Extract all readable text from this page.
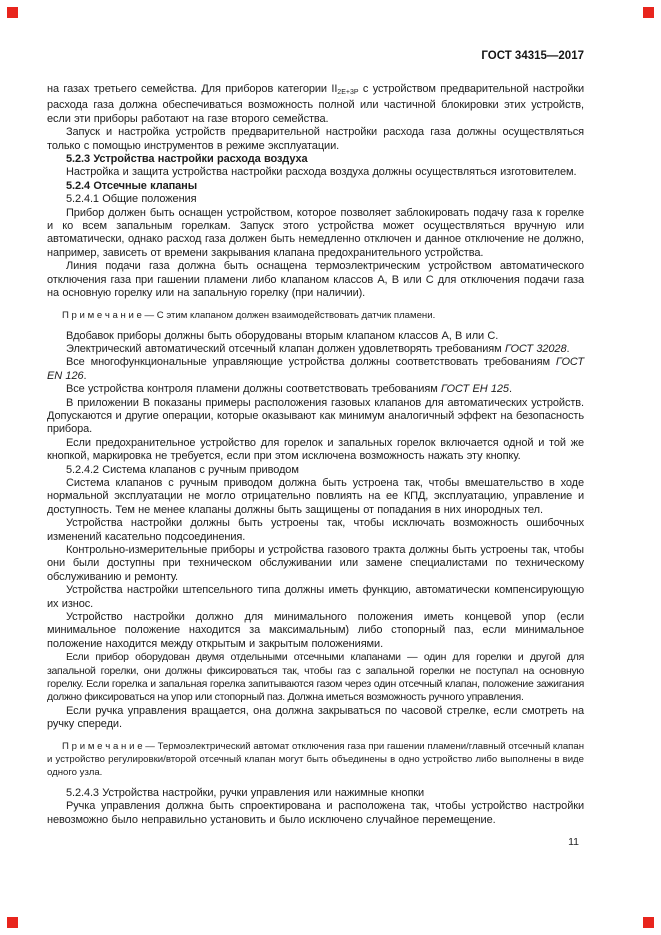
ГОСТ 34315—2017

на газах третьего семейства. Для приборов категории $II_{2E+3P}$ с устройством предварительной настройки расхода газа должна обеспечиваться возможность полной или частичной блокировки этих устройств, если эти приборы работают на газе второго семейства.

Запуск и настройка устройств предварительной настройки расхода газа должны осуществляться только с помощью инструментов в режиме эксплуатации.

5.2.3 Устройства настройки расхода воздуха

Настройка и защита устройства настройки расхода воздуха должны осуществляться изготовителем.

5.2.4 Отсечные клапаны

5.2.4.1 Общие положения

Прибор должен быть оснащен устройством, которое позволяет заблокировать подачу газа к горелке и ко всем запальным горелкам. Запуск этого устройства может осуществляться вручную или автоматически, однако расход газа должен быть немедленно отключен и данное отключение не должно, например, зависеть от времени закрывания клапана предохранительного устройства.

Линия подачи газа должна быть оснащена термоэлектрическим устройством автоматического отключения газа при гашении пламени либо клапаном классов А, В или С для отключения подачи газа на основную горелку или на запальную горелку (при наличии).

П р и м е ч а н и е — С этим клапаном должен взаимодействовать датчик пламени.

Вдобавок приборы должны быть оборудованы вторым клапаном классов А, В или С.

Электрический автоматический отсечный клапан должен удовлетворять требованиям ГОСТ 32028.

Все многофункциональные управляющие устройства должны соответствовать требованиям ГОСТ EN 126.

Все устройства контроля пламени должны соответствовать требованиям ГОСТ ЕН 125.

В приложении В показаны примеры расположения газовых клапанов для автоматических устройств. Допускаются и другие операции, которые оказывают как минимум аналогичный эффект на безопасность прибора.

Если предохранительное устройство для горелок и запальных горелок включается одной и той же кнопкой, маркировка не требуется, если при этом исключена возможность нажать эту кнопку.

5.2.4.2 Система клапанов с ручным приводом

Система клапанов с ручным приводом должна быть устроена так, чтобы вмешательство в ходе нормальной эксплуатации не могло отрицательно повлиять на ее КПД, эксплуатацию, управление и доступность. Тем не менее клапаны должны быть защищены от попадания в них инородных тел.

Устройства настройки должны быть устроены так, чтобы исключать возможность ошибочных изменений касательно подсоединения.

Контрольно-измерительные приборы и устройства газового тракта должны быть устроены так, чтобы они были доступны при техническом обслуживании или замене специалистами по техническому обслуживанию и ремонту.

Устройства настройки штепсельного типа должны иметь функцию, автоматически компенсирующую их износ.

Устройство настройки должно для минимального положения иметь концевой упор (если минимальное положение находится за максимальным) либо стопорный паз, если минимальное положение находится между открытым и закрытым положениями.

Если прибор оборудован двумя отдельными отсечными клапанами — один для горелки и другой для запальной горелки, они должны фиксироваться так, чтобы газ с запальной горелки не поступал на основную горелку. Если горелка и запальная горелка запитываются газом через один отсечный клапан, положение зажигания должно фиксироваться на упор или стопорный паз. Должна иметься возможность ручного управления.

Если ручка управления вращается, она должна закрываться по часовой стрелке, если смотреть на ручку спереди.

П р и м е ч а н и е — Термоэлектрический автомат отключения газа при гашении пламени/главный отсечный клапан и устройство регулировки/второй отсечный клапан могут быть объединены в одно устройство либо выполнены в виде одного узла.

5.2.4.3 Устройства настройки, ручки управления или нажимные кнопки

Ручка управления должна быть спроектирована и расположена так, чтобы устройство настройки невозможно было неправильно установить и было исключено случайное перемещение.

11
